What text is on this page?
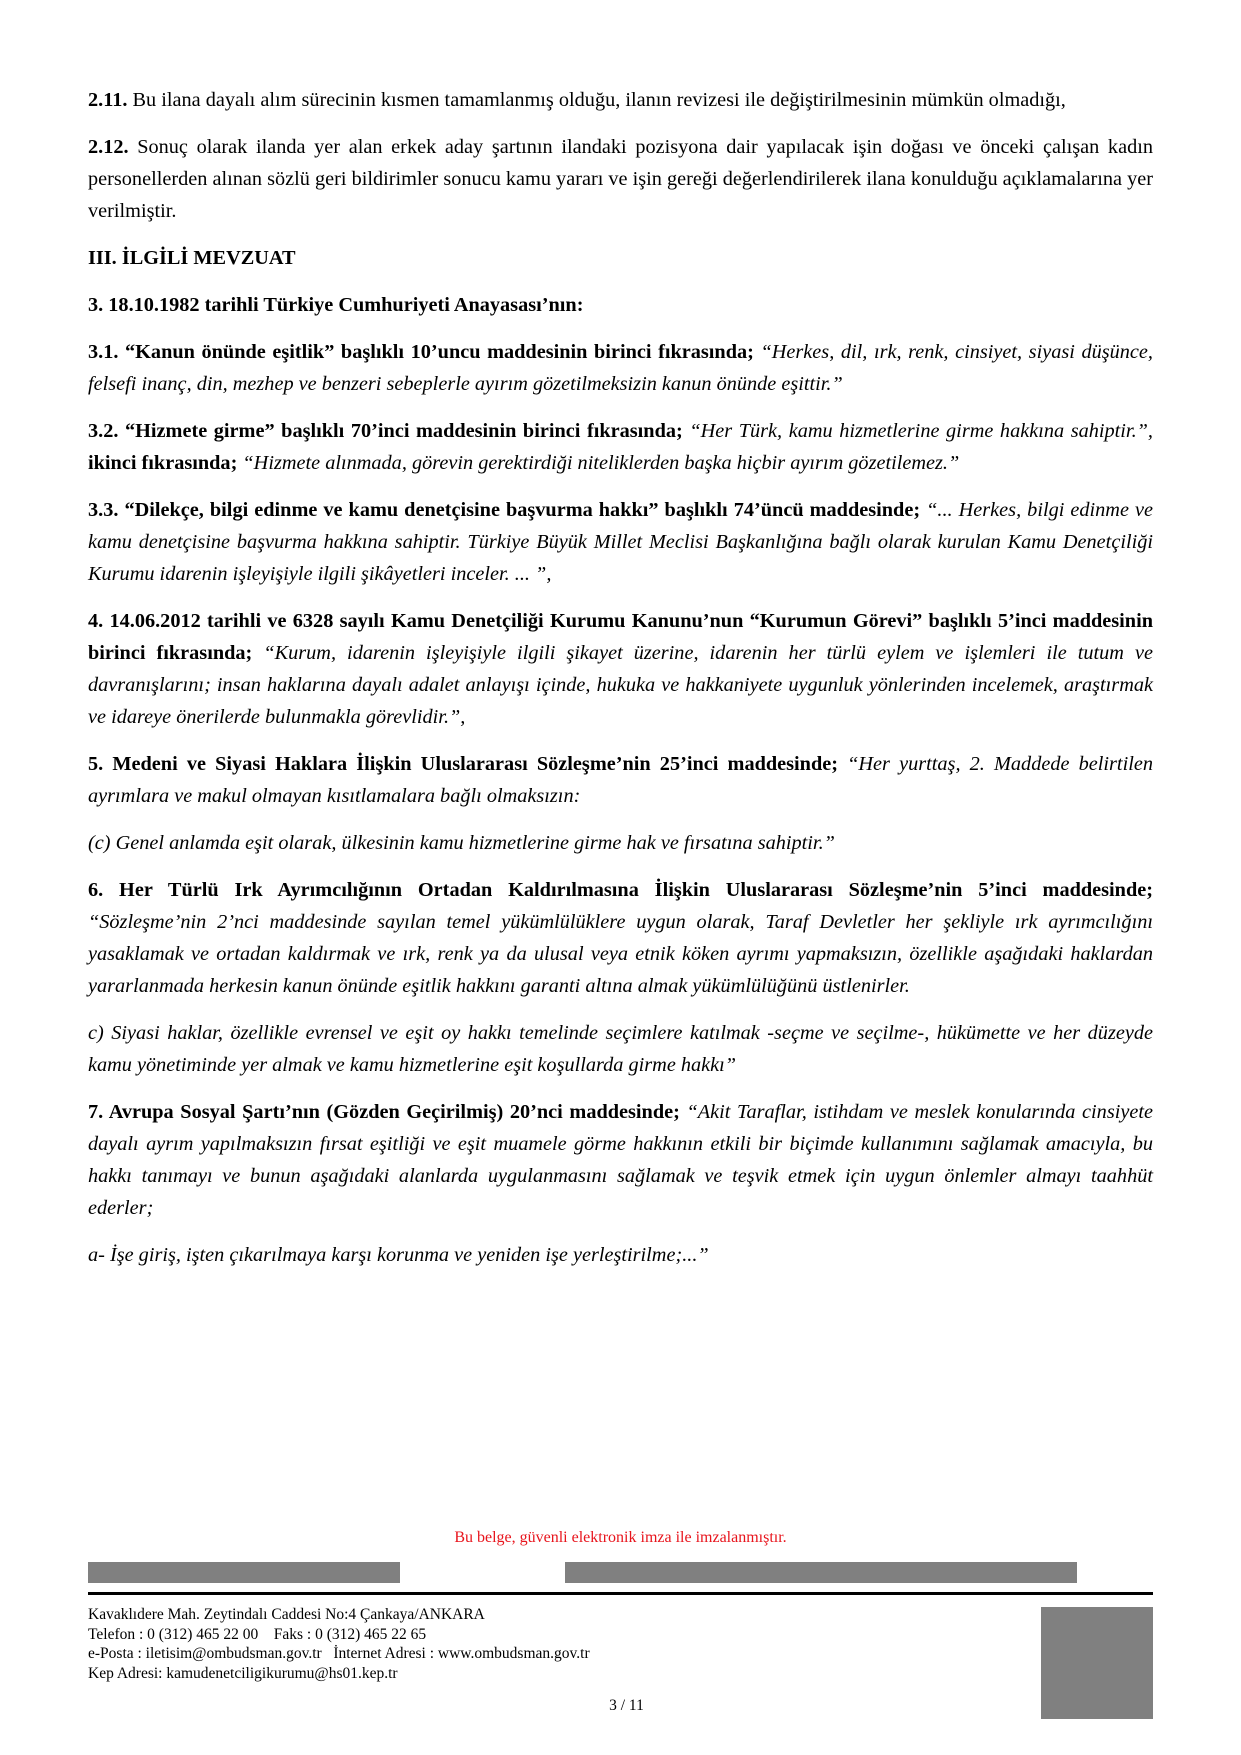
2.11. Bu ilana dayalı alım sürecinin kısmen tamamlanmış olduğu, ilanın revizesi ile değiştirilmesinin mümkün olmadığı,

2.12. Sonuç olarak ilanda yer alan erkek aday şartının ilandaki pozisyona dair yapılacak işin doğası ve önceki çalışan kadın personellerden alınan sözlü geri bildirimler sonucu kamu yararı ve işin gereği değerlendirilerek ilana konulduğu açıklamalarına yer verilmiştir.

III. İLGİLİ MEVZUAT

3. 18.10.1982 tarihli Türkiye Cumhuriyeti Anayasası’nın:

3.1. “Kanun önünde eşitlik” başlıklı 10’uncu maddesinin birinci fıkrasında; “Herkes, dil, ırk, renk, cinsiyet, siyasi düşünce, felsefi inanç, din, mezhep ve benzeri sebeplerle ayırım gözetilmeksizin kanun önünde eşittir.”

3.2. “Hizmete girme” başlıklı 70’inci maddesinin birinci fıkrasında; “Her Türk, kamu hizmetlerine girme hakkına sahiptir.”, ikinci fıkrasında; “Hizmete alınmada, görevin gerektirdiği niteliklerden başka hiçbir ayırım gözetilemez.”

3.3. “Dilekçe, bilgi edinme ve kamu denetçisine başvurma hakkı” başlıklı 74’üncü maddesinde; “... Herkes, bilgi edinme ve kamu denetçisine başvurma hakkına sahiptir. Türkiye Büyük Millet Meclisi Başkanlığına bağlı olarak kurulan Kamu Denetçiliği Kurumu idarenin işleyişiyle ilgili şikâyetleri inceler. ... ”,

4. 14.06.2012 tarihli ve 6328 sayılı Kamu Denetçiliği Kurumu Kanunu’nun “Kurumun Görevi” başlıklı 5’inci maddesinin birinci fıkrasında; “Kurum, idarenin işleyişiyle ilgili şikayet üzerine, idarenin her türlü eylem ve işlemleri ile tutum ve davranışlarını; insan haklarına dayalı adalet anlayışı içinde, hukuka ve hakkaniyete uygunluk yönlerinden incelemek, araştırmak ve idareye önerilerde bulunmakla görevlidir.”,

5. Medeni ve Siyasi Haklara İlişkin Uluslararası Sözleşme’nin 25’inci maddesinde; “Her yurttaş, 2. Maddede belirtilen ayrımlara ve makul olmayan kısıtlamalara bağlı olmaksızın:

(c) Genel anlamda eşit olarak, ülkesinin kamu hizmetlerine girme hak ve fırsatına sahiptir.”

6. Her Türlü Irk Ayrımcılığının Ortadan Kaldırılmasına İlişkin Uluslararası Sözleşme’nin 5’inci maddesinde; “Sözleşme’nin 2’nci maddesinde sayılan temel yükümlülüklere uygun olarak, Taraf Devletler her şekliyle ırk ayrımcılığını yasaklamak ve ortadan kaldırmak ve ırk, renk ya da ulusal veya etnik köken ayrımı yapmaksızın, özellikle aşağıdaki haklardan yararlanmada herkesin kanun önünde eşitlik hakkını garanti altına almak yükümlülüğünü üstlenirler.

c) Siyasi haklar, özellikle evrensel ve eşit oy hakkı temelinde seçimlere katılmak -seçme ve seçilme-, hükümette ve her düzeyde kamu yönetiminde yer almak ve kamu hizmetlerine eşit koşullarda girme hakkı”

7. Avrupa Sosyal Şartı’nın (Gözden Geçirilmiş) 20’nci maddesinde; “Akit Taraflar, istihdam ve meslek konularında cinsiyete dayalı ayrım yapılmaksızın fırsat eşitliği ve eşit muamele görme hakkının etkili bir biçimde kullanımını sağlamak amacıyla, bu hakkı tanımayı ve bunun aşağıdaki alanlarda uygulanmasını sağlamak ve teşvik etmek için uygun önlemler almayı taahhüt ederler;

a- İşe giriş, işten çıkarılmaya karşı korunma ve yeniden işe yerleştirilme;...”

Bu belge, güvenli elektronik imza ile imzalanmıştır.
Kavaklıdere Mah. Zeytindalı Caddesi No:4 Çankaya/ANKARA
Telefon : 0 (312) 465 22 00    Faks : 0 (312) 465 22 65
e-Posta : iletisim@ombudsman.gov.tr   İnternet Adresi : www.ombudsman.gov.tr
Kep Adresi: kamudenetciligikurumu@hs01.kep.tr
3 / 11
